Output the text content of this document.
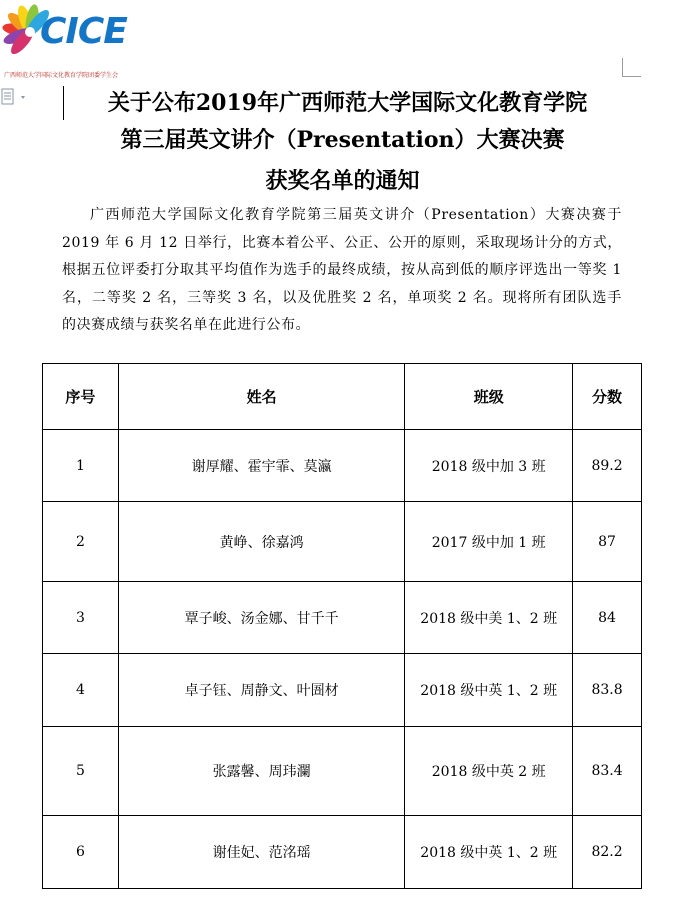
CICE
广西师范大学国际文化教育学院团委学生会
关于公布2019年广西师范大学国际文化教育学院
第三届英文讲介（Presentation）大赛决赛
获奖名单的通知
广西师范大学国际文化教育学院第三届英文讲介（Presentation）大赛决赛于 2019 年 6 月 12 日举行，比赛本着公平、公正、公开的原则，采取现场计分的方式，根据五位评委打分取其平均值作为选手的最终成绩，按从高到低的顺序评选出一等奖 1 名，二等奖 2 名，三等奖 3 名，以及优胜奖 2 名，单项奖 2 名。现将所有团队选手的决赛成绩与获奖名单在此进行公布。
序号	姓名	班级	分数
1	谢厚耀、霍宇霏、莫瀛	2018 级中加 3 班	89.2
2	黄峥、徐嘉鸿	2017 级中加 1 班	87
3	覃子峻、汤金娜、甘千千	2018 级中美 1、2 班	84
4	卓子钰、周静文、叶圄材	2018 级中英 1、2 班	83.8
5	张露馨、周玮瀾	2018 级中英 2 班	83.4
6	谢佳妃、范洺瑶	2018 级中英 1、2 班	82.2
